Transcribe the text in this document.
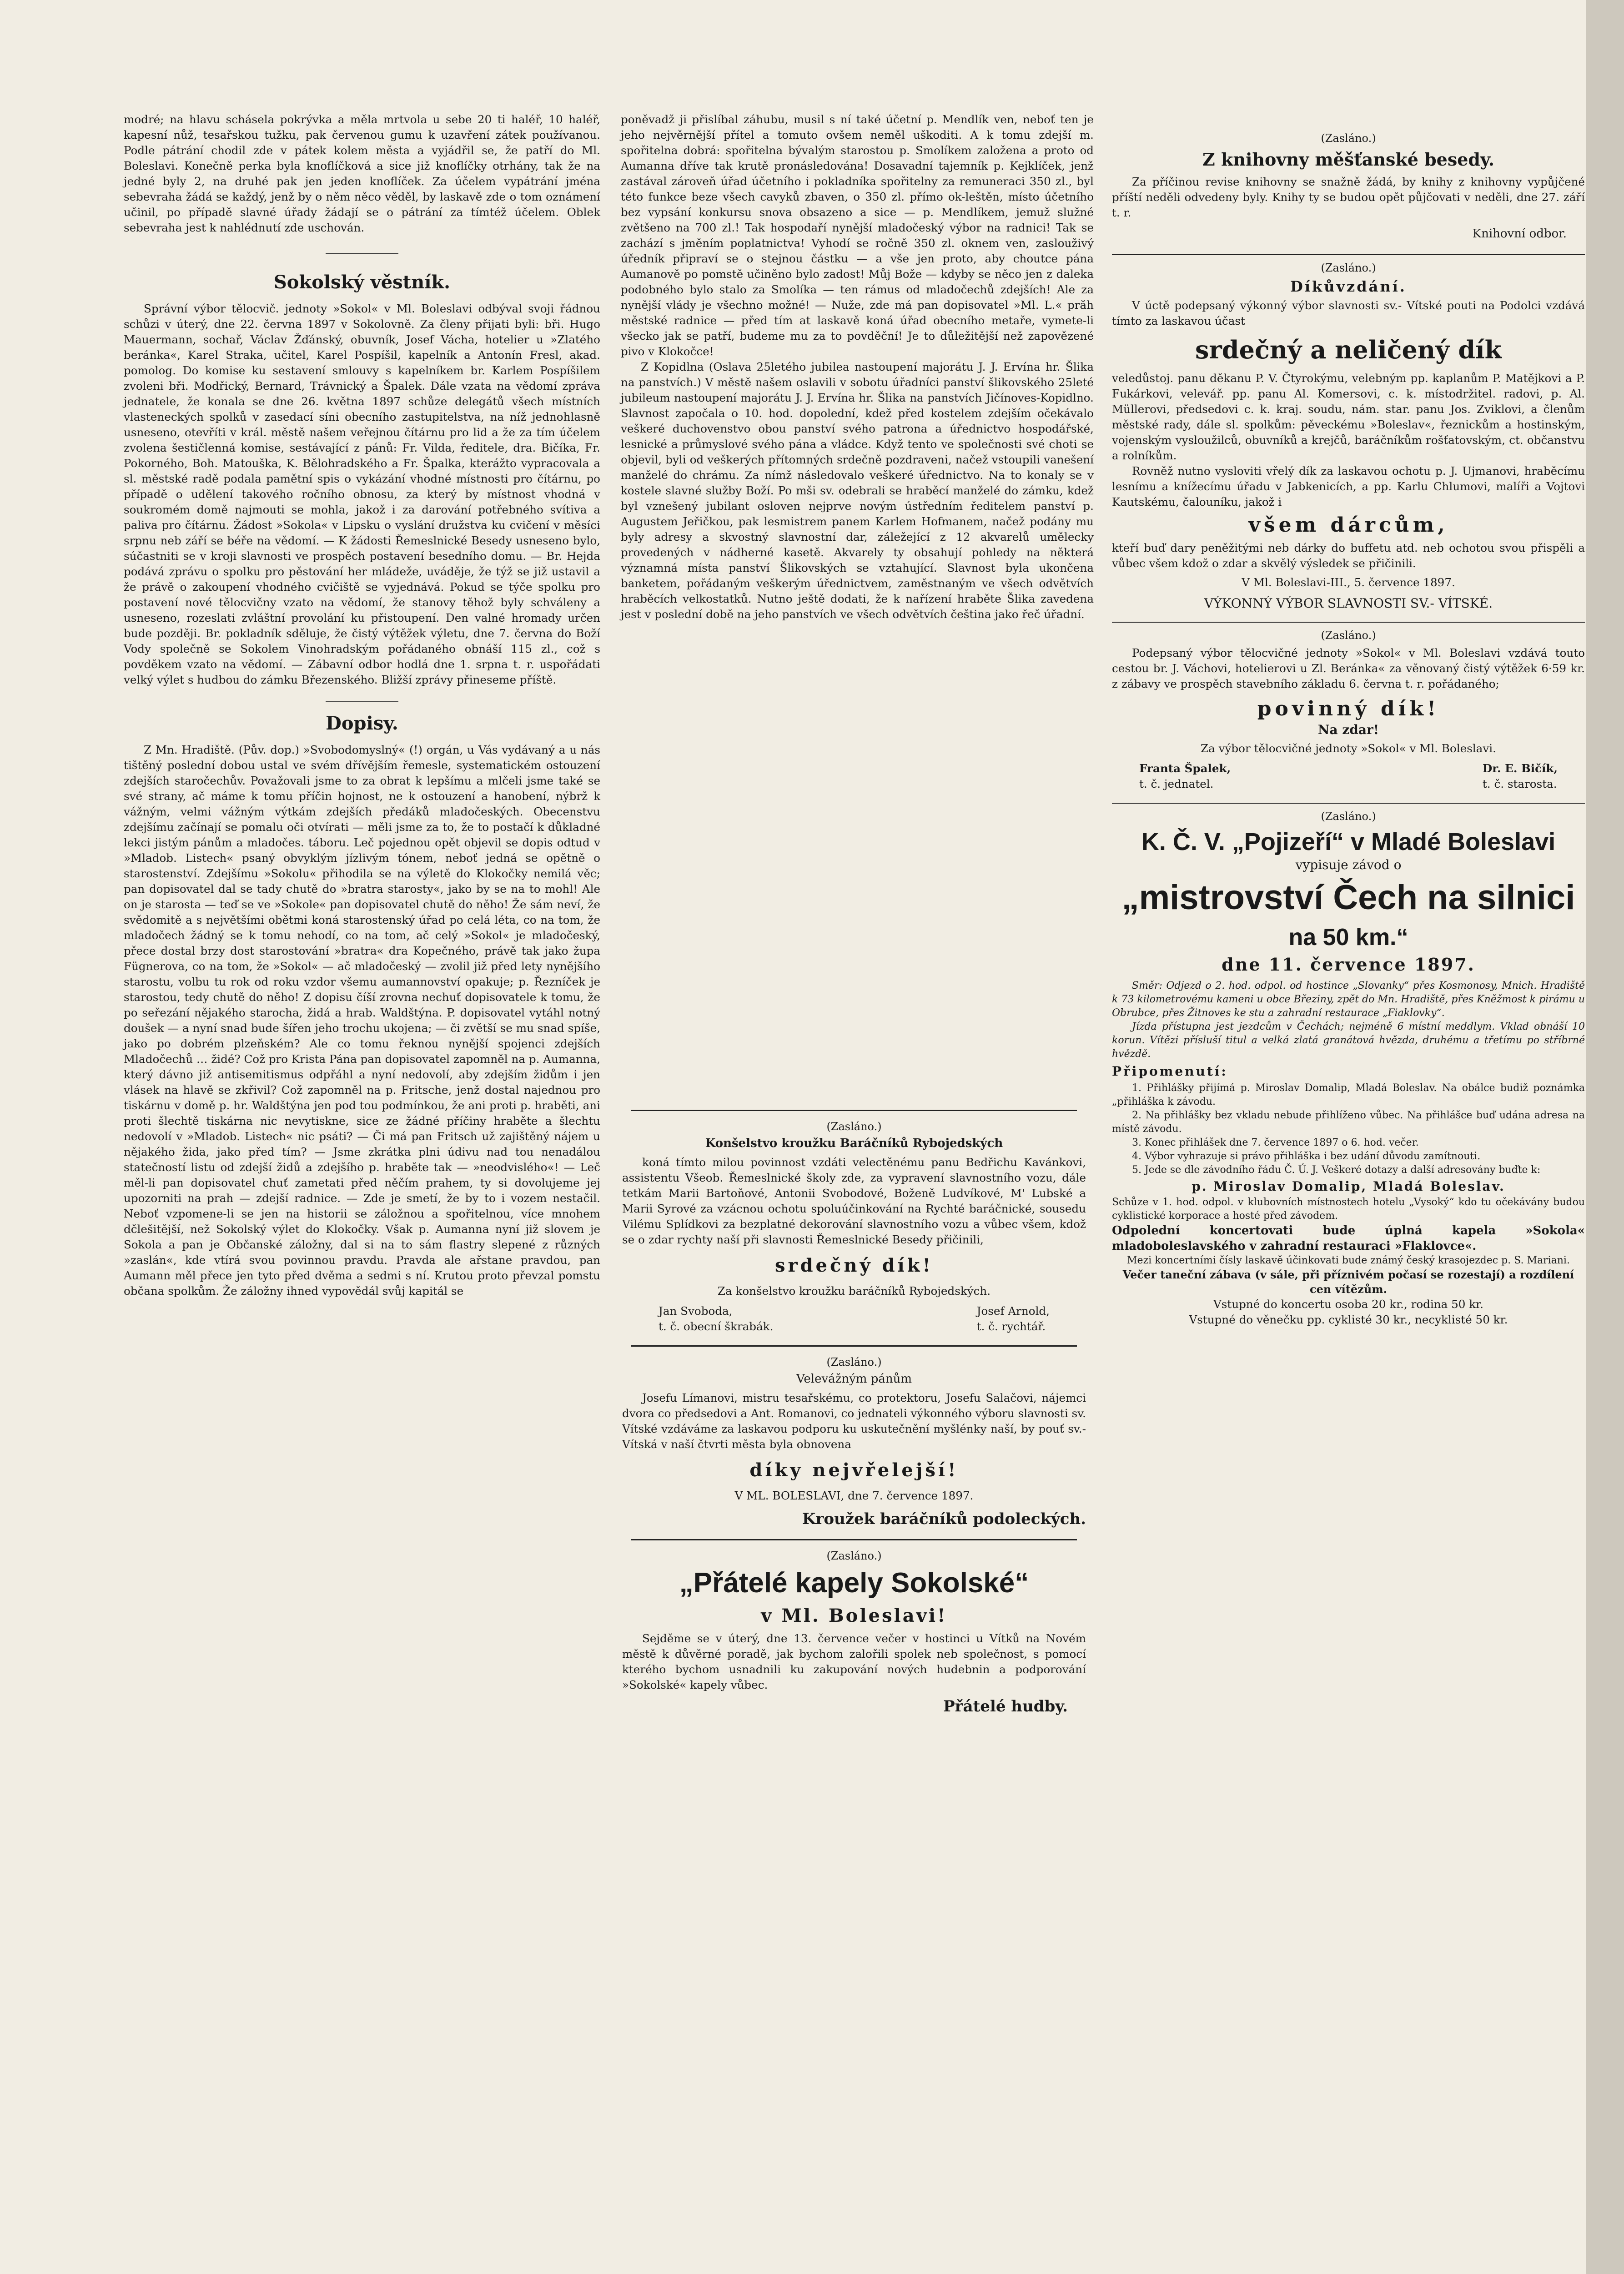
modré; na hlavu schásela pokrývka a měla mrtvola u sebe 20 ti haléř, 10 haléř, kapesní nůž, tesařskou tužku, pak červenou gumu k uzavření zátek používanou. Podle pátrání chodil zde v pátek kolem města a vyjádřil se, že patří do Ml. Boleslavi. Konečně perka byla knoflíčková a sice již knoflíčky otrhány, tak že na jedné byly 2, na druhé pak jen jeden knoflíček. Za účelem vypátrání jména sebevraha žádá se každý, jenž by o něm něco věděl, by laskavě zde o tom oznámení učinil, po případě slavné úřady žádají se o pátrání za tímtéž účelem. Oblek sebevraha jest k nahlédnutí zde uschován.

Sokolský věstník.

Správní výbor tělocvič. jednoty »Sokol« v Ml. Boleslavi odbýval svoji řádnou schůzi v úterý, dne 22. června 1897 v Sokolovně. Za členy přijati byli: bři. Hugo Mauermann, sochař, Václav Žďánský, obuvník, Josef Vácha, hotelier u »Zlatého beránka«, Karel Straka, učitel, Karel Pospíšil, kapelník a Antonín Fresl, akad. pomolog. Do komise ku sestavení smlouvy s kapelníkem br. Karlem Pospíšilem zvoleni bři. Modřický, Bernard, Trávnický a Špalek. Dále vzata na vědomí zpráva jednatele, že konala se dne 26. května 1897 schůze delegátů všech místních vlasteneckých spolků v zasedací síni obecního zastupitelstva, na níž jednohlasně usneseno, otevříti v král. městě našem veřejnou čítárnu pro lid a že za tím účelem zvolena šestičlenná komise, sestávající z pánů: Fr. Vilda, ředitele, dra. Bičíka, Fr. Pokorného, Boh. Matouška, K. Bělohradského a Fr. Špalka, kterážto vypracovala a sl. městské radě podala pamětní spis o vykázání vhodné místnosti pro čítárnu, po případě o udělení takového ročního obnosu, za který by místnost vhodná v soukromém domě najmouti se mohla, jakož i za darování potřebného svítiva a paliva pro čítárnu. Žádost »Sokola« v Lipsku o vyslání družstva ku cvičení v měsíci srpnu neb září se béře na vědomí. — K žádosti Řemeslnické Besedy usneseno bylo, súčastniti se v kroji slavnosti ve prospěch postavení besedního domu. — Br. Hejda podává zprávu o spolku pro pěstování her mládeže, uváděje, že týž se již ustavil a že právě o zakoupení vhodného cvičiště se vyjednává. Pokud se týče spolku pro postavení nové tělocvičny vzato na vědomí, že stanovy těhož byly schváleny a usneseno, rozeslati zvláštní provolání ku přistoupení. Den valné hromady určen bude později. Br. pokladník sděluje, že čistý výtěžek výletu, dne 7. června do Boží Vody společně se Sokolem Vinohradským pořádaného obnáší 115 zl., což s povděkem vzato na vědomí. — Zábavní odbor hodlá dne 1. srpna t. r. uspořádati velký výlet s hudbou do zámku Březenského. Bližší zprávy přineseme příště.

Dopisy.

Z Mn. Hradiště. (Pův. dop.) »Svobodomyslný« (!) orgán, u Vás vydávaný a u nás tištěný poslední dobou ustal ve svém dřívějším řemesle, systematickém ostouzení zdejších staročechův. Považovali jsme to za obrat k lepšímu a mlčeli jsme také se své strany, ač máme k tomu příčin hojnost, ne k ostouzení a hanobení, nýbrž k vážným, velmi vážným výtkám zdejších předáků mladočeských. Obecenstvu zdejšímu začínají se pomalu oči otvírati — měli jsme za to, že to postačí k důkladné lekci jistým pánům a mladočes. táboru. Leč pojednou opět objevil se dopis odtud v »Mladob. Listech« psaný obvyklým jízlivým tónem, neboť jedná se opětně o starostenství. Zdejšímu »Sokolu« přihodila se na výletě do Klokočky nemilá věc; pan dopisovatel dal se tady chutě do »bratra starosty«, jako by se na to mohl! Ale on je starosta — teď se ve »Sokole« pan dopisovatel chutě do něho! Že sám neví, že svědomitě a s největšími obětmi koná starostenský úřad po celá léta, co na tom, že mladočech žádný se k tomu nehodí, co na tom, ač celý »Sokol« je mladočeský, přece dostal brzy dost starostování »bratra« dra Kopečného, právě tak jako župa Fügnerova, co na tom, že »Sokol« — ač mladočeský — zvolil již před lety nynějšího starostu, volbu tu rok od roku vzdor všemu aumannovství opakuje; p. Řezníček je starostou, tedy chutě do něho! Z dopisu číší zrovna nechuť dopisovatele k tomu, že po seřezání nějakého starocha, židá a hrab. Waldštýna. P. dopisovatel vytáhl notný doušek — a nyní snad bude šířen jeho trochu ukojena; — či zvětší se mu snad spíše, jako po dobrém plzeňském? Ale co tomu řeknou nynější spojenci zdejších Mladočechů … židé? Což pro Krista Pána pan dopisovatel zapomněl na p. Aumanna, který dávno již antisemitismus odpřáhl a nyní nedovolí, aby zdejším židům i jen vlásek na hlavě se zkřivil? Což zapomněl na p. Fritsche, jenž dostal najednou pro tiskárnu v domě p. hr. Waldštýna jen pod tou podmínkou, že ani proti p. hraběti, ani proti šlechtě tiskárna nic nevytiskne, sice ze žádné příčiny hraběte a šlechtu nedovolí v »Mladob. Listech« nic psáti? — Či má pan Fritsch už zajištěný nájem u nějakého žida, jako před tím? — Jsme zkrátka plni údivu nad tou nenadálou statečností listu od zdejší židů a zdejšího p. hraběte tak — »neodvislého«! — Leč měl-li pan dopisovatel chuť zametati před něčím prahem, ty si dovolujeme jej upozorniti na prah — zdejší radnice. — Zde je smetí, že by to i vozem nestačil. Neboť vzpomene-li se jen na historii se záložnou a spořitelnou, více mnohem dčlešitější, než Sokolský výlet do Klokočky. Však p. Aumanna nyní již slovem je Sokola a pan je Občanské záložny, dal si na to sám flastry slepené z různých »zaslán«, kde vtírá svou povinnou pravdu. Pravda ale ařstane pravdou, pan Aumann měl přece jen tyto před dvěma a sedmi s ní. Krutou proto převzal pomstu občana spolkům. Že záložny ihned vypovědál svůj kapitál se

poněvadž ji přislíbal záhubu, musil s ní také účetní p. Mendlík ven, neboť ten je jeho nejvěrnější přítel a tomuto ovšem neměl uškoditi. A k tomu zdejší m. spořitelna dobrá: spořitelna bývalým starostou p. Smolíkem založena a proto od Aumanna dříve tak krutě pronásledována! Dosavadní tajemník p. Kejklíček, jenž zastával zároveň úřad účetního i pokladníka spořitelny za remuneraci 350 zl., byl této funkce beze všech cavyků zbaven, o 350 zl. přímo ok-leštěn, místo účetního bez vypsání konkursu snova obsazeno a sice — p. Mendlíkem, jemuž služné zvětšeno na 700 zl.! Tak hospodaří nynější mladočeský výbor na radnici! Tak se zachází s jměním poplatnictva! Vyhodí se ročně 350 zl. oknem ven, zaslouživý úředník připraví se o stejnou částku — a vše jen proto, aby choutce pána Aumanově po pomstě učiněno bylo zadost! Můj Bože — kdyby se něco jen z daleka podobného bylo stalo za Smolíka — ten rámus od mladočechů zdejších! Ale za nynější vlády je všechno možné! — Nuže, zde má pan dopisovatel »Ml. L.« prăh městské radnice — před tím at laskavě koná úřad obecního metaře, vymete-li všecko jak se patří, budeme mu za to povděční! Je to důležitější než zapovězené pivo v Klokočce!

Z Kopidlna (Oslava 25letého jubilea nastoupení majorátu J. J. Ervína hr. Šlika na panstvích.) V městě našem oslavili v sobotu úřadníci panství šlikovského 25leté jubileum nastoupení majorátu J. J. Ervína hr. Šlika na panstvích Jičínoves-Kopidlno. Slavnost započala o 10. hod. dopolední, kdež před kostelem zdejším očekávalo veškeré duchovenstvo obou panství svého patrona a úřednictvo hospodářské, lesnické a průmyslové svého pána a vládce. Když tento ve společnosti své choti se objevil, byli od veškerých přítomných srdečně pozdraveni, načež vstoupili vanešení manželé do chrámu. Za nímž následovalo veškeré úřednictvo. Na to konaly se v kostele slavné služby Boží. Po mši sv. odebrali se hraběcí manželé do zámku, kdež byl vznešený jubilant osloven nejprve novým ústředním ředitelem panství p. Augustem Jeřičkou, pak lesmistrem panem Karlem Hofmanem, načež podány mu byly adresy a skvostný slavnostní dar, záležející z 12 akvarelů umělecky provedených v nádherné kasetě. Akvarely ty obsahují pohledy na některá významná místa panství Šlikovských se vztahující. Slavnost byla ukončena banketem, pořádaným veškerým úřednictvem, zaměstnaným ve všech odvětvích hraběcích velkostatků. Nutno ještě dodati, že k nařízení hraběte Šlika zavedena jest v poslední době na jeho panstvích ve všech odvětvích čeština jako řeč úřadní.

(Zasláno.)
Konšelstvo kroužku Baráčníků Rybojedských

koná tímto milou povinnost vzdáti velectěnému panu Bedřichu Kavánkovi, assistentu Všeob. Řemeslnické školy zde, za vypravení slavnostního vozu, dále tetkám Marii Bartoňové, Antonii Svobodové, Boženě Ludvíkové, M' Lubské a Marii Syrové za vzácnou ochotu spoluúčinkování na Rychté baráčnické, sousedu Vilému Splídkovi za bezplatné dekorování slavnostního vozu a vůbec všem, kdož se o zdar rychty naší při slavnosti Řemeslnické Besedy přičinili,

srdečný dík!
Za konšelstvo kroužku baráčníků Rybojedských.
Jan Svoboda,
t. č. obecní škrabák.
Josef Arnold,
t. č. rychtář.
(Zasláno.)
Velevážným pánům

Josefu Límanovi, mistru tesařskému, co protektoru, Josefu Salačovi, nájemci dvora co předsedovi a Ant. Romanovi, co jednateli výkonného výboru slavnosti sv. Vítské vzdáváme za laskavou podporu ku uskutečnění myšlénky naší, by pouť sv.- Vítská v naší čtvrti města byla obnovena

díky nejvřelejší!
V ML. BOLESLAVI, dne 7. července 1897.
Kroužek baráčníků podoleckých.
(Zasláno.)
„Přátelé kapely Sokolské“
v Ml. Boleslavi!

Sejděme se v úterý, dne 13. července večer v hostinci u Vítků na Novém městě k důvěrné poradě, jak bychom zalořili spolek neb společnost, s pomocí kterého bychom usnadnili ku zakupování nových hudebnin a podporování »Sokolské« kapely vůbec.

Přátelé hudby.
(Zasláno.)
Z knihovny měšťanské besedy.

Za příčinou revise knihovny se snažně žádá, by knihy z knihovny vypůjčené příští neděli odvedeny byly. Knihy ty se budou opět půjčovati v neděli, dne 27. září t. r.

Knihovní odbor.
(Zasláno.)
Díkůvzdání.

V úctě podepsaný výkonný výbor slavnosti sv.- Vítské pouti na Podolci vzdává tímto za laskavou účast

srdečný a neličený dík

veledůstoj. panu děkanu P. V. Čtyrokýmu, velebným pp. kaplanům P. Matějkovi a P. Fukárkovi, velevář. pp. panu Al. Komersovi, c. k. místodržitel. radovi, p. Al. Müllerovi, předsedovi c. k. kraj. soudu, nám. star. panu Jos. Zviklovi, a členům městské rady, dále sl. spolkům: pěveckému »Boleslav«, řeznickům a hostinským, vojenským vysloužilců, obuvníků a krejčů, baráčníkům rošťatovským, ct. občanstvu a rolníkům.

Rovněž nutno vysloviti vřelý dík za laskavou ochotu p. J. Ujmanovi, hraběcímu lesnímu a knížecímu úřadu v Jabkenicích, a pp. Karlu Chlumovi, malíři a Vojtovi Kautskému, čalouníku, jakož i

všem dárcům,

kteří buď dary peněžitými neb dárky do buffetu atd. neb ochotou svou přispěli a vůbec všem kdož o zdar a skvělý výsledek se přičinili.

V Ml. Boleslavi-III., 5. července 1897.
VÝKONNÝ VÝBOR SLAVNOSTI SV.- VÍTSKÉ.
(Zasláno.)

Podepsaný výbor tělocvičné jednoty »Sokol« v Ml. Boleslavi vzdává touto cestou br. J. Váchovi, hotelierovi u Zl. Beránka« za věnovaný čistý výtěžek 6·59 kr. z zábavy ve prospěch stavebního základu 6. června t. r. pořádaného;

povinný dík!
Na zdar!
Za výbor tělocvičné jednoty »Sokol« v Ml. Boleslavi.
Franta Špalek,
t. č. jednatel.
Dr. E. Bičík,
t. č. starosta.
(Zasláno.)
K. Č. V. „Pojizeří“ v Mladé Boleslavi
vypisuje závod o
„mistrovství Čech na silnici
na 50 km.“
dne 11. července 1897.

Směr: Odjezd o 2. hod. odpol. od hostince „Slovanky“ přes Kosmonosy, Mnich. Hradiště k 73 kilometrovému kameni u obce Březiny, zpět do Mn. Hradiště, přes Kněžmost k pirámu u Obrubce, přes Žitnoves ke stu a zahradní restaurace „Fiaklovky“.

Jízda přístupna jest jezdcům v Čechách; nejméně 6 místní meddlym. Vklad obnáší 10 korun. Vítězi přísluší titul a velká zlatá granátová hvězda, druhému a třetímu po stříbrné hvězdě.

Připomenutí:
1. Přihlášky přijímá p. Miroslav Domalip, Mladá Boleslav. Na obálce budiž poznámka „přihláška k závodu.
2. Na přihlášky bez vkladu nebude přihlíženo vůbec. Na přihlášce buď udána adresa na místě závodu.
3. Konec přihlášek dne 7. července 1897 o 6. hod. večer.
4. Výbor vyhrazuje si právo přihláška i bez udání důvodu zamítnouti.
5. Jede se dle závodního řádu Č. Ú. J. Veškeré dotazy a další adresovány buďte k:
p. Miroslav Domalip, Mladá Boleslav.

Schůze v 1. hod. odpol. v klubovních místnostech hotelu „Vysoký“ kdo tu očekávány budou cyklistické korporace a hosté před závodem.

Odpolední koncertovati bude úplná kapela »Sokola« mladoboleslavského v zahradní restauraci »Flaklovce«.

Mezi koncertními čísly laskavě účinkovati bude známý český krasojezdec p. S. Mariani.

Večer taneční zábava (v sále, při příznivém počasí se rozestají) a rozdílení cen vítězům.

Vstupné do koncertu osoba 20 kr., rodina 50 kr.
Vstupné do věnečku pp. cyklisté 30 kr., necyklisté 50 kr.
